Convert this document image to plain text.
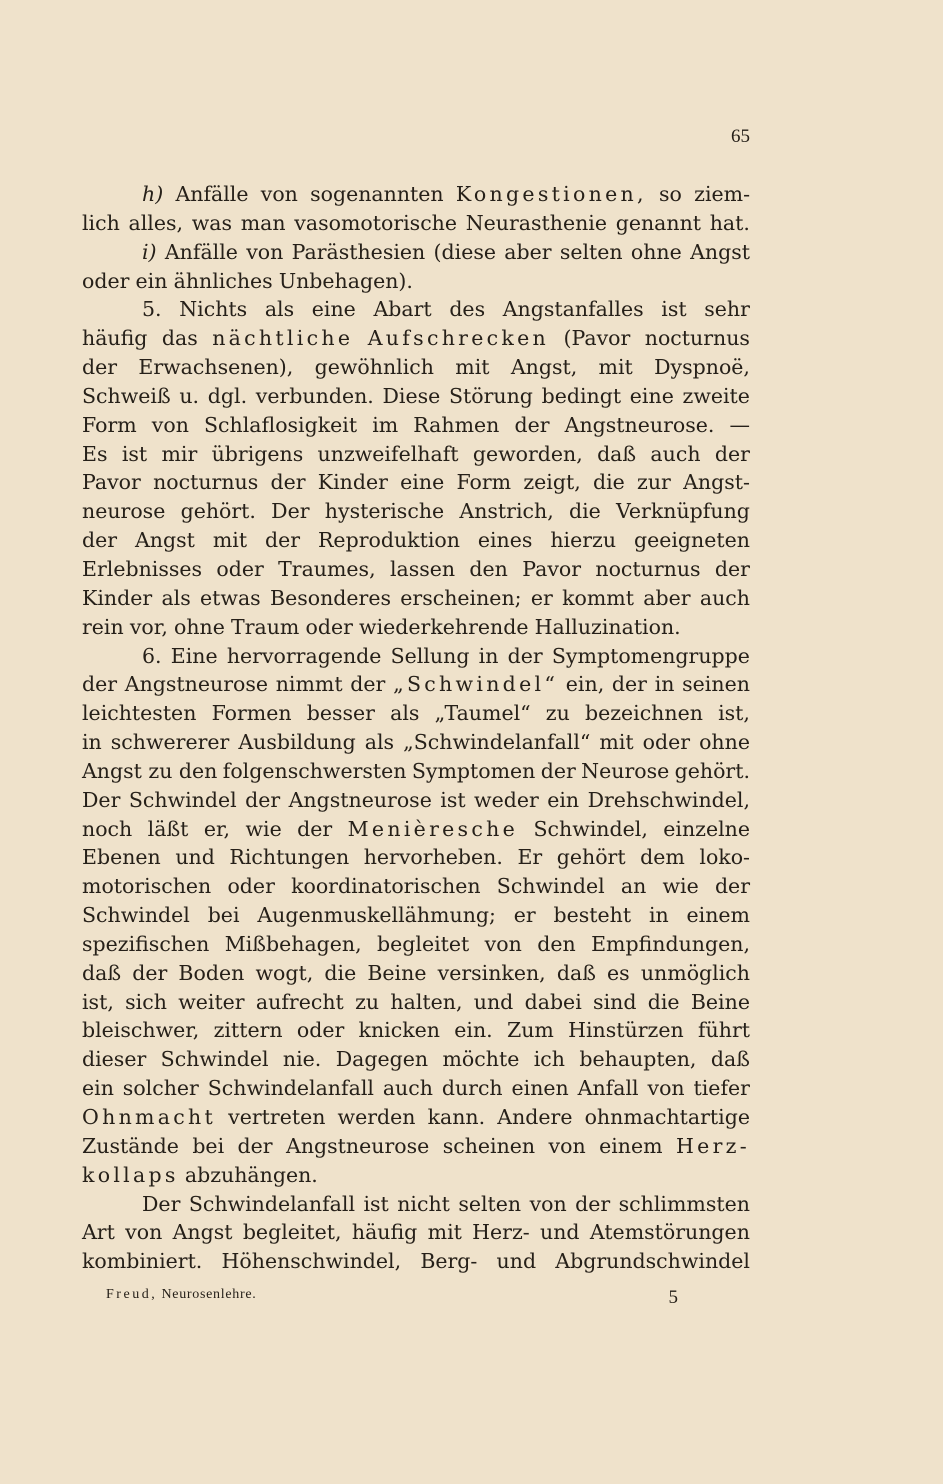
65
h) Anfälle von sogenannten Kongestionen, so ziem-
lich alles, was man vasomotorische Neurasthenie genannt hat.
i) Anfälle von Parästhesien (diese aber selten ohne Angst
oder ein ähnliches Unbehagen).
5. Nichts als eine Abart des Angstanfalles ist sehr
häufig das nächtliche Aufschrecken (Pavor nocturnus
der Erwachsenen), gewöhnlich mit Angst, mit Dyspnoë,
Schweiß u. dgl. verbunden. Diese Störung bedingt eine zweite
Form von Schlaflosigkeit im Rahmen der Angstneurose. —
Es ist mir übrigens unzweifelhaft geworden, daß auch der
Pavor nocturnus der Kinder eine Form zeigt, die zur Angst-
neurose gehört. Der hysterische Anstrich, die Verknüpfung
der Angst mit der Reproduktion eines hierzu geeigneten
Erlebnisses oder Traumes, lassen den Pavor nocturnus der
Kinder als etwas Besonderes erscheinen; er kommt aber auch
rein vor, ohne Traum oder wiederkehrende Halluzination.
6. Eine hervorragende Sellung in der Symptomengruppe
der Angstneurose nimmt der „Schwindel“ ein, der in seinen
leichtesten Formen besser als „Taumel“ zu bezeichnen ist,
in schwererer Ausbildung als „Schwindelanfall“ mit oder ohne
Angst zu den folgenschwersten Symptomen der Neurose gehört.
Der Schwindel der Angstneurose ist weder ein Drehschwindel,
noch läßt er, wie der Menièresche Schwindel, einzelne
Ebenen und Richtungen hervorheben. Er gehört dem loko-
motorischen oder koordinatorischen Schwindel an wie der
Schwindel bei Augenmuskellähmung; er besteht in einem
spezifischen Mißbehagen, begleitet von den Empfindungen,
daß der Boden wogt, die Beine versinken, daß es unmöglich
ist, sich weiter aufrecht zu halten, und dabei sind die Beine
bleischwer, zittern oder knicken ein. Zum Hinstürzen führt
dieser Schwindel nie. Dagegen möchte ich behaupten, daß
ein solcher Schwindelanfall auch durch einen Anfall von tiefer
Ohnmacht vertreten werden kann. Andere ohnmachtartige
Zustände bei der Angstneurose scheinen von einem Herz-
kollaps abzuhängen.
Der Schwindelanfall ist nicht selten von der schlimmsten
Art von Angst begleitet, häufig mit Herz- und Atemstörungen
kombiniert. Höhenschwindel, Berg- und Abgrundschwindel
Freud, Neurosenlehre.	5
